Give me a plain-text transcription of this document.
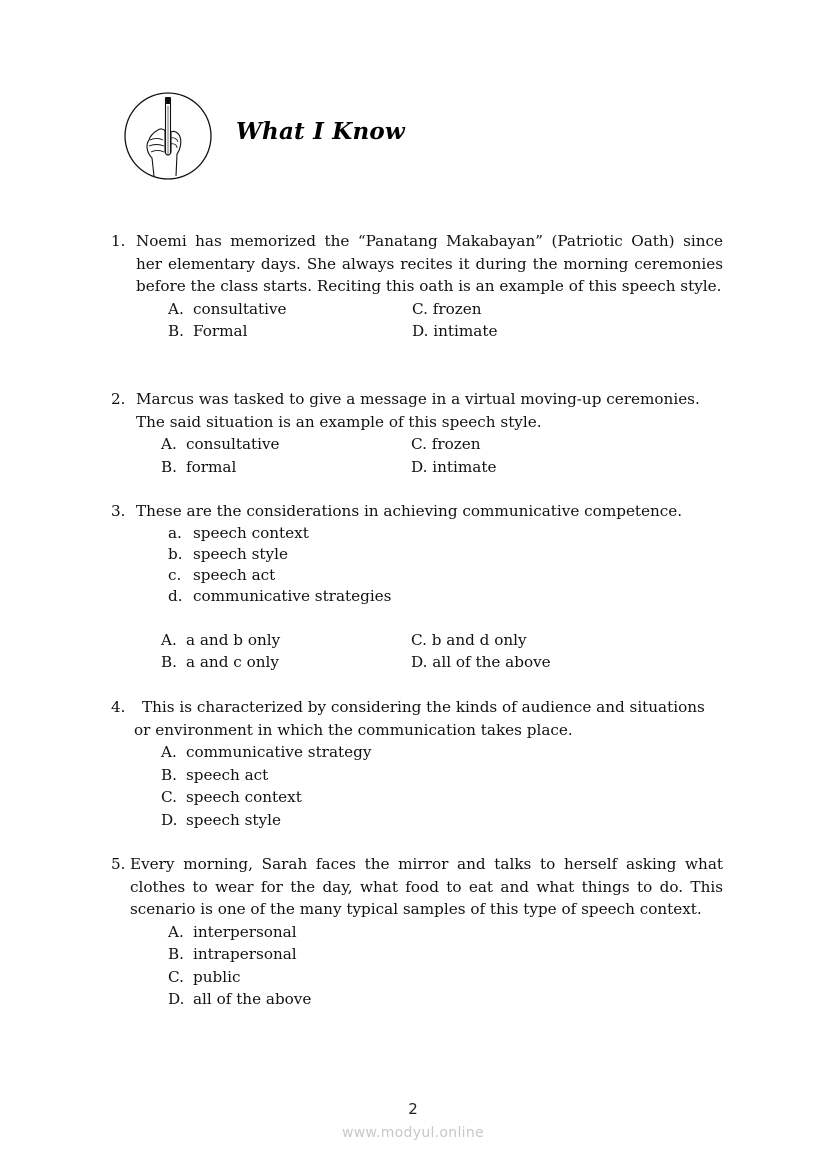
What I Know
1. Noemi has memorized the “Panatang Makabayan” (Patriotic Oath) since her elementary days. She always recites it during the morning ceremonies before the class starts. Reciting this oath is an example of this speech style.
A. consultative	C. frozen
B. Formal	D. intimate
2. Marcus was tasked to give a message in a virtual moving-up ceremonies. The said situation is an example of this speech style.
A. consultative	C. frozen
B. formal	D. intimate
3. These are the considerations in achieving communicative competence.
a. speech context
b. speech style
c. speech act
d. communicative strategies
A. a and b only	C. b and d only
B. a and c only	D. all of the above
4.	This is characterized by considering the kinds of audience and situations or environment in which the communication takes place.
A. communicative strategy
B. speech act
C. speech context
D. speech style
5. Every morning, Sarah faces the mirror and talks to herself asking what clothes to wear for the day, what food to eat and what things to do. This scenario is one of the many typical samples of this type of speech context.
A. interpersonal
B. intrapersonal
C. public
D. all of the above
2
www.modyul.online
